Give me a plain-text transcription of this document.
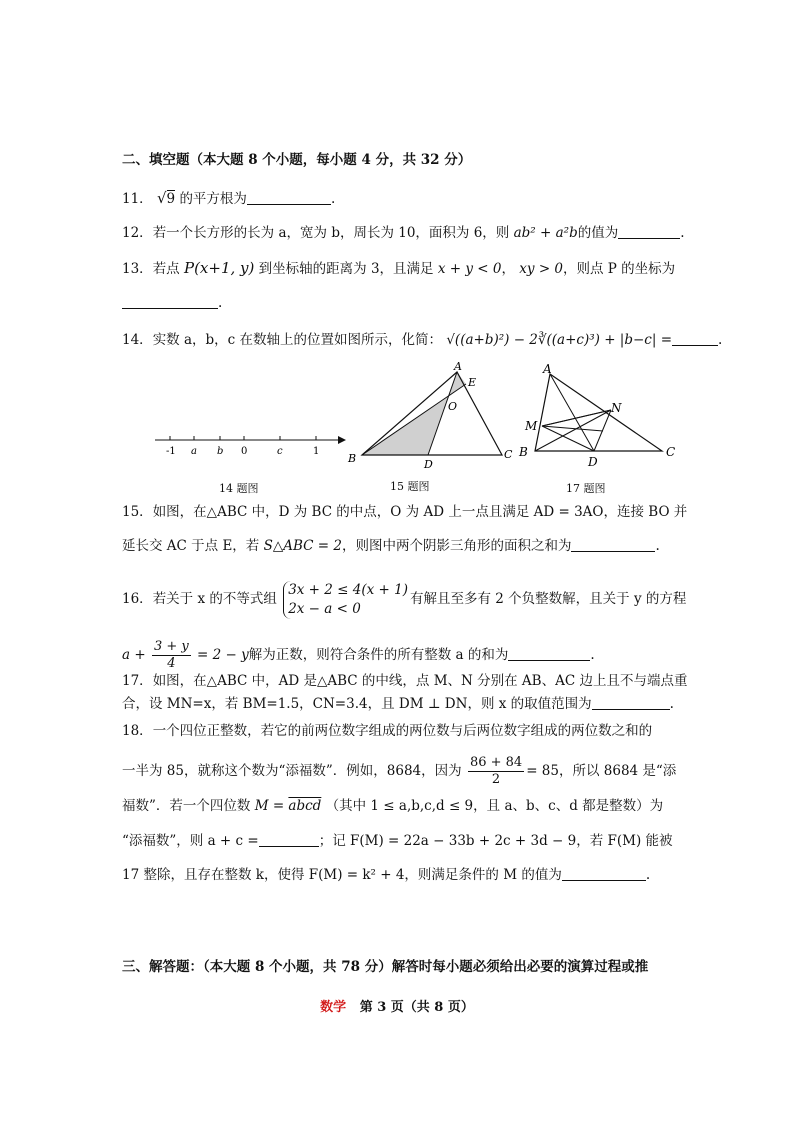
二、填空题（本大题 8 个小题，每小题 4 分，共 32 分）
11． √9 的平方根为	.
12．若一个长方形的长为 a，宽为 b，周长为 10，面积为 6，则 ab² + a²b的值为	.
13．若点 P(x+1, y) 到坐标轴的距离为 3，且满足 x + y < 0， xy > 0，则点 P 的坐标为
.
14．实数 a，b，c 在数轴上的位置如图所示，化简： √((a+b)²) − 2∛((a+c)³) + |b−c| =	.
-1 a b 0	c	1
14 题图
A
E
O
B	D
C
15 题图
A
N
M
B
D
C
17 题图
15．如图，在△ABC 中，D 为 BC 的中点，O 为 AD 上一点且满足 AD = 3AO，连接 BO 并
延长交 AC 于点 E，若 S△ABC = 2，则图中两个阴影三角形的面积之和为	.
16．若关于 x 的不等式组
3x + 2 ≤ 4(x + 1)
2x − a < 0
有解且至多有 2 个负整数解，且关于 y 的方程
$a + \frac{3 + y}{4} = 2 - y$解为正数，则符合条件的所有整数 a 的和为	.
17．如图，在△ABC 中，AD 是△ABC 的中线，点 M、N 分别在 AB、AC 边上且不与端点重
合，设 MN=x，若 BM=1.5，CN=3.4，且 DM ⊥ DN，则 x 的取值范围为	.
18．一个四位正整数，若它的前两位数字组成的两位数与后两位数字组成的两位数之和的
一半为 85，就称这个数为“添福数”．例如，8684，因为 $\frac{86 + 84}{2} = 85$，所以 8684 是“添
福数”．若一个四位数 M = abcd （其中 1 ≤ a,b,c,d ≤ 9，且 a、b、c、d 都是整数）为
“添福数”，则 a + c =	；记 F(M) = 22a − 33b + 2c + 3d − 9，若 F(M) 能被
17 整除，且存在整数 k，使得 F(M) = k² + 4，则满足条件的 M 的值为	.
三、解答题：（本大题 8 个小题，共 78 分）解答时每小题必须给出必要的演算过程或推
数学 第 3 页（共 8 页）
